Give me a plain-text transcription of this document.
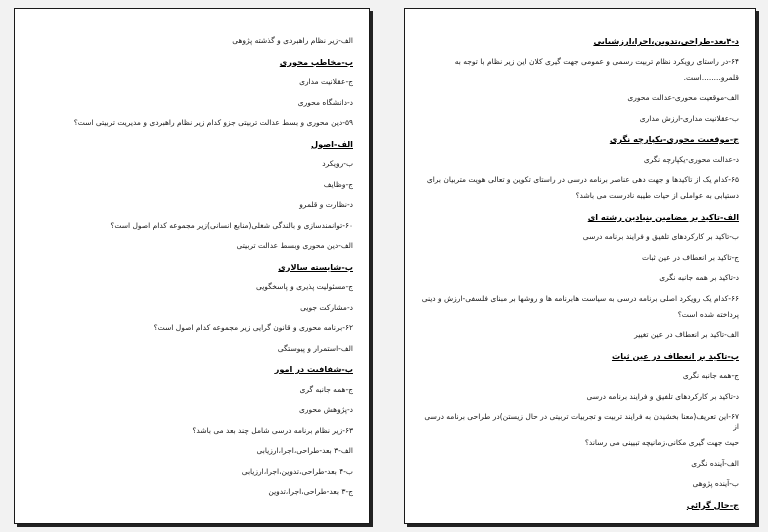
الف-زیر نظام راهبردی و گذشته پژوهی
ب-مخاطب محوری
ج-عقلانیت مداری
د-دانشگاه محوری
۵۹-دین محوری و بسط عدالت تربیتی جزو کدام زیر نظام راهبردی و مدیریت تربیتی است؟
الف-اصول
ب-رویکرد
ج-وظایف
د-نظارت و قلمرو
۶۰-توانمندسازی و بالندگی شغلی(منابع انسانی)زیر مجموعه کدام اصول است؟
الف-دین محوری وبسط عدالت تربیتی
ب-شایسته سالاری
ج-مسئولیت پذیری و پاسخگویی
د-مشارکت جویی
۶۲-برنامه محوری و قانون گرایی زیر مجموعه کدام اصول است؟
الف-استمرار و پیوستگی
ب-شفافیت در امور
ج-همه جانبه گری
د-پژوهش محوری
۶۳-زیر نظام برنامه درسی شامل چند بعد می باشد؟
الف-۳ بعد-طراحی،اجرا،ارزیابی
ب-۴ بعد-طراحی،تدوین،اجرا،ارزیابی
ج-۳ بعد-طراحی،اجرا،تدوین
د-۴بعد-طراحی،تدوین،اجرا،ارزشیابی
۶۴-در راستای رویکرد نظام تربیت رسمی و عمومی جهت گیری کلان این زیر نظام با توجه به
قلمرو........است.
الف-موقعیت محوری-عدالت محوری
ب-عقلانیت مداری-ارزش مداری
ج-موقعیت محوری-یکپارچه نگری
د-عدالت محوری-یکپارچه نگری
۶۵-کدام یک از تاکیدها و جهت دهی عناصر برنامه درسی در راستای تکوین و تعالی هویت متربیان برای
دستیابی به عواملی از حیات طیبه نادرست می باشد؟
الف-تاکید بر مضامین بنیادین رشته ای
ب-تاکید بر کارکردهای تلفیق و فرایند برنامه درسی
ج-تاکید بر انعطاف در عین ثبات
د-تاکید بر همه جانبه نگری
۶۶-کدام یک رویکرد اصلی برنامه درسی به سیاست هابرنامه ها و روشها بر مبنای فلسفی-ارزش و دینی
پرداخته شده است؟
الف-تاکید بر انعطاف در عین تغییر
ب-تاکید بر انعطاف در عین ثبات
ج-همه جانبه نگری
د-تاکید بر کارکردهای تلفیق و فرایند برنامه درسی
۶۷-این تعریف(معنا بخشیدن به فرایند تربیت و تجربیات تربیتی در حال زیستن)در طراحی برنامه درسی از
حیث جهت گیری مکانی،زمانیچه تبیینی می رساند؟
الف-آینده نگری
ب-آینده پژوهی
ج-حال گرائی
